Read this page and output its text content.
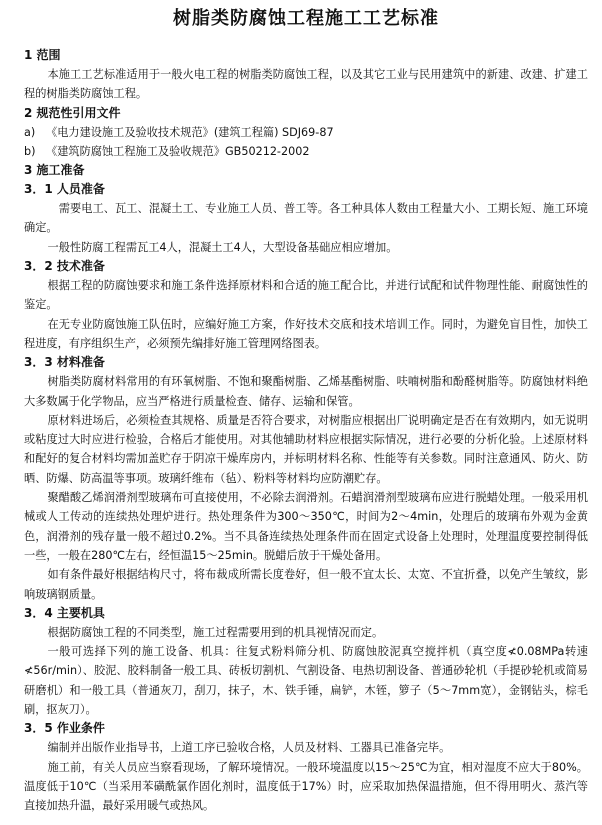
树脂类防腐蚀工程施工工艺标准
1 范围

本施工工艺标准适用于一般火电工程的树脂类防腐蚀工程，以及其它工业与民用建筑中的新建、改建、扩建工程的树脂类防腐蚀工程。

2 规范性引用文件
a) 《电力建设施工及验收技术规范》(建筑工程篇) SDJ69-87
b) 《建筑防腐蚀工程施工及验收规范》GB50212-2002
3 施工准备
3．1 人员准备

需要电工、瓦工、混凝土工、专业施工人员、普工等。各工种具体人数由工程量大小、工期长短、施工环境确定。

一般性防腐工程需瓦工4人，混凝土工4人，大型设备基础应相应增加。

3．2 技术准备

根据工程的防腐蚀要求和施工条件选择原材料和合适的施工配合比，并进行试配和试件物理性能、耐腐蚀性的鉴定。

在无专业防腐蚀施工队伍时，应编好施工方案，作好技术交底和技术培训工作。同时，为避免盲目性，加快工程进度，有序组织生产，必须预先编排好施工管理网络图表。

3．3 材料准备

树脂类防腐材料常用的有环氧树脂、不饱和聚酯树脂、乙烯基酯树脂、呋喃树脂和酚醛树脂等。防腐蚀材料绝大多数属于化学物品，应当严格进行质量检查、储存、运输和保管。

原材料进场后，必须检查其规格、质量是否符合要求，对树脂应根据出厂说明确定是否在有效期内，如无说明或粘度过大时应进行检验，合格后才能使用。对其他辅助材料应根据实际情况，进行必要的分析化验。上述原材料和配好的复合材料均需加盖贮存于阴凉干燥库房内，并标明材料名称、性能等有关参数。同时注意通风、防火、防晒、防爆、防高温等事项。玻璃纤维布（毡）、粉料等材料均应防潮贮存。

聚醋酸乙烯润滑剂型玻璃布可直接使用，不必除去润滑剂。石蜡润滑剂型玻璃布应进行脱蜡处理。一般采用机械或人工传动的连续热处理炉进行。热处理条件为300～350℃，时间为2～4min，处理后的玻璃布外观为金黄色，润滑剂的残存量一般不超过0.2%。当不具备连续热处理条件而在固定式设备上处理时，处理温度要控制得低一些，一般在280℃左右，经恒温15～25min。脱蜡后放于干燥处备用。

如有条件最好根据结构尺寸，将布裁成所需长度卷好，但一般不宜太长、太宽、不宜折叠，以免产生皱纹，影响玻璃钢质量。

3．4 主要机具

根据防腐蚀工程的不同类型，施工过程需要用到的机具视情况而定。

一般可选择下列的施工设备、机具：往复式粉料筛分机、防腐蚀胶泥真空搅拌机（真空度≮0.08MPa转速≮56r/min）、胶泥、胶料制备一般工具、砖板切割机、气割设备、电热切割设备、普通砂轮机（手提砂轮机或简易研磨机）和一般工具（普通灰刀，刮刀，抹子，木、铁手锤，扁铲，木铚，箩子（5～7mm宽），金钢钻头，棕毛刷，抠灰刀）。

3．5 作业条件

编制并出版作业指导书，上道工序已验收合格，人员及材料、工器具已准备完毕。

施工前，有关人员应当察看现场，了解环境情况。一般环境温度以15～25℃为宜，相对湿度不应大于80%。温度低于10℃（当采用苯磺酰氯作固化剂时，温度低于17%）时，应采取加热保温措施，但不得用明火、蒸汽等直接加热升温，最好采用暖气或热风。
